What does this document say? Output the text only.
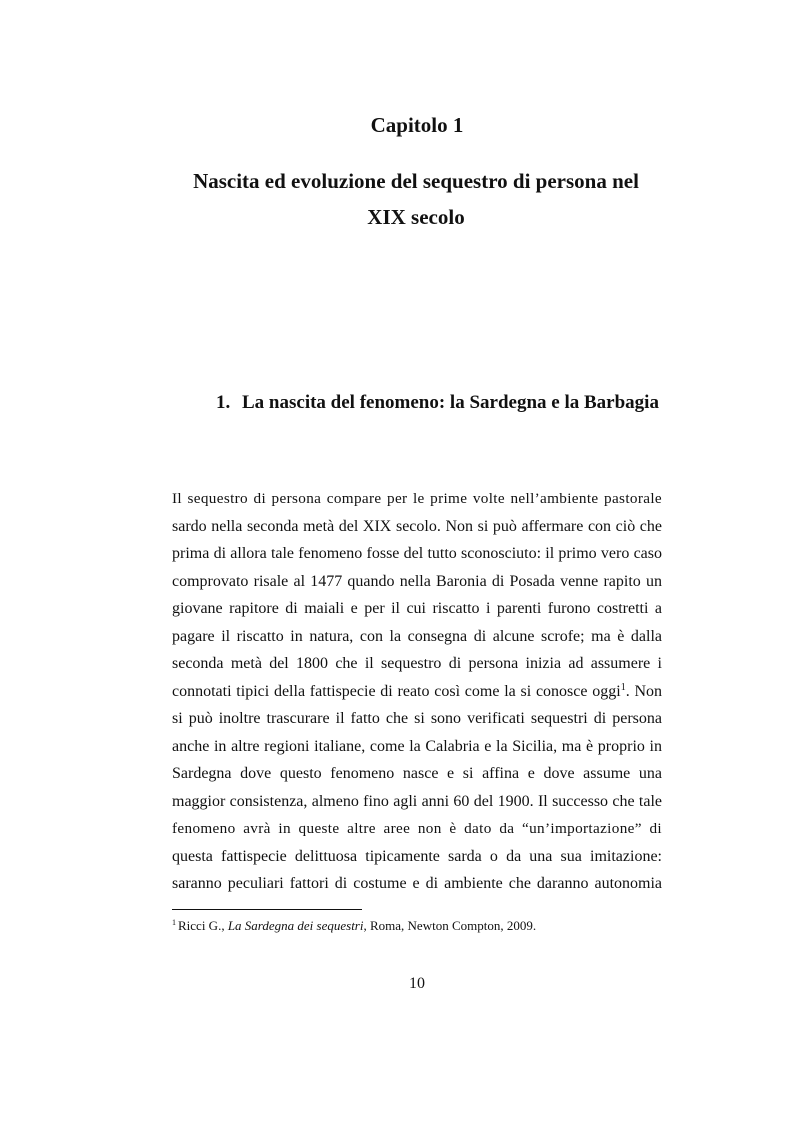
Capitolo 1
Nascita ed evoluzione del sequestro di persona nel XIX secolo
1. La nascita del fenomeno: la Sardegna e la Barbagia
Il sequestro di persona compare per le prime volte nell’ambiente pastorale
sardo nella seconda metà del XIX secolo. Non si può affermare con ciò che
prima di allora tale fenomeno fosse del tutto sconosciuto: il primo vero caso
comprovato risale al 1477 quando nella Baronia di Posada venne rapito un
giovane rapitore di maiali e per il cui riscatto i parenti furono costretti a
pagare il riscatto in natura, con la consegna di alcune scrofe; ma è dalla
seconda metà del 1800 che il sequestro di persona inizia ad assumere i
connotati tipici della fattispecie di reato così come la si conosce oggi$^1$. Non
si può inoltre trascurare il fatto che si sono verificati sequestri di persona
anche in altre regioni italiane, come la Calabria e la Sicilia, ma è proprio in
Sardegna dove questo fenomeno nasce e si affina e dove assume una
maggior consistenza, almeno fino agli anni 60 del 1900. Il successo che tale
fenomeno avrà in queste altre aree non è dato da “un’importazione” di
questa fattispecie delittuosa tipicamente sarda o da una sua imitazione:
saranno peculiari fattori di costume e di ambiente che daranno autonomia

$^1$ Ricci G., La Sardegna dei sequestri, Roma, Newton Compton, 2009.

10
